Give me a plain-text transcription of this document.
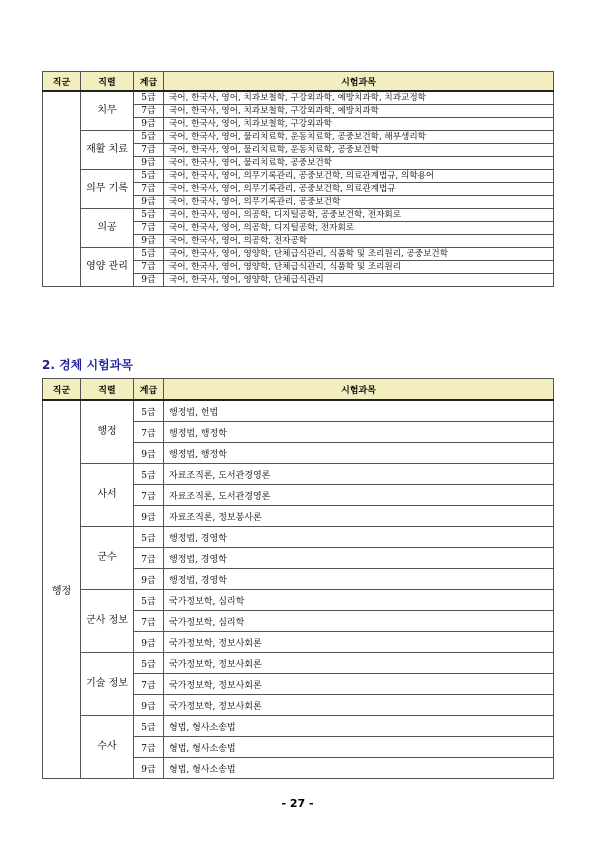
직군	직렬	계급	시험과목
	치무	5급	국어, 한국사, 영어, 치과보철학, 구강외과학, 예방치과학, 치과교정학
		7급	국어, 한국사, 영어, 치과보철학, 구강외과학, 예방치과학
		9급	국어, 한국사, 영어, 치과보철학, 구강외과학
	재활 치료	5급	국어, 한국사, 영어, 물리치료학, 운동치료학, 공중보건학, 해부생리학
		7급	국어, 한국사, 영어, 물리치료학, 운동치료학, 공중보건학
		9급	국어, 한국사, 영어, 물리치료학, 공중보건학
	의무 기록	5급	국어, 한국사, 영어, 의무기록관리, 공중보건학, 의료관계법규, 의학용어
		7급	국어, 한국사, 영어, 의무기록관리, 공중보건학, 의료관계법규
		9급	국어, 한국사, 영어, 의무기록관리, 공중보건학
	의공	5급	국어, 한국사, 영어, 의공학, 디지털공학, 공중보건학, 전자회로
		7급	국어, 한국사, 영어, 의공학, 디지털공학, 전자회로
		9급	국어, 한국사, 영어, 의공학, 전자공학
	영양 관리	5급	국어, 한국사, 영어, 영양학, 단체급식관리, 식품학 및 조리원리, 공중보건학
		7급	국어, 한국사, 영어, 영양학, 단체급식관리, 식품학 및 조리원리
		9급	국어, 한국사, 영어, 영양학, 단체급식관리
2. 경체 시험과목
직군	직렬	계급	시험과목
행정	행정	5급	행정법, 헌법
		7급	행정법, 행정학
		9급	행정법, 행정학
	사서	5급	자료조직론, 도서관경영론
		7급	자료조직론, 도서관경영론
		9급	자료조직론, 정보봉사론
	군수	5급	행정법, 경영학
		7급	행정법, 경영학
		9급	행정법, 경영학
	군사 정보	5급	국가정보학, 심리학
		7급	국가정보학, 심리학
		9급	국가정보학, 정보사회론
	기술 정보	5급	국가정보학, 정보사회론
		7급	국가정보학, 정보사회론
		9급	국가정보학, 정보사회론
	수사	5급	형법, 형사소송법
		7급	형법, 형사소송법
		9급	형법, 형사소송법
- 27 -
